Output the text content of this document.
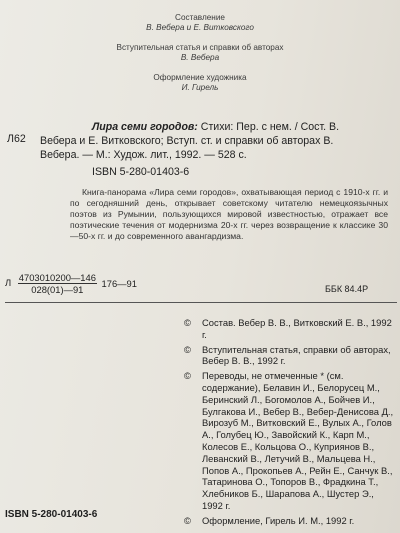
Составление
В. Вебера и Е. Витковского
Вступительная статья и справки об авторах
В. Вебера
Оформление художника
И. Гирель
Л62
Лира семи городов: Стихи: Пер. с нем. / Сост. В. Вебера и Е. Витковского; Вступ. ст. и справки об авторах В. Вебера. — М.: Худож. лит., 1992. — 528 с.
ISBN 5-280-01403-6
Книга-панорама «Лира семи городов», охватывающая период с 1910-х гг. и по сегодняшний день, открывает советскому читателю немецкоязычных поэтов из Румынии, пользующихся мировой известностью, отражает все поэтические течения от модернизма 20-х гг. через возвращение к классике 30—50-х гг. и до современного авангардизма.
Л $\frac{4703010200—146}{028(01)—91}$ 176—91	ББК 84.4Р
© Состав. Вебер В. В., Витковский Е. В., 1992 г.
© Вступительная статья, справки об авторах, Вебер В. В., 1992 г.
© Переводы, не отмеченные * (см. содержание), Белавин И., Белорусец М., Беринский Л., Богомолов А., Бойчев И., Булгакова И., Вебер В., Вебер-Денисова Д., Вирозуб М., Витковский Е., Вулых А., Голов А., Голубец Ю., Завойский К., Карп М., Колесов Е., Кольцова О., Куприянов В., Леванский В., Летучий В., Мальцева Н., Попов А., Прокопьев А., Рейн Е., Санчук В., Татаринова О., Топоров В., Фрадкина Т., Хлебников Б., Шарапова А., Шустер Э., 1992 г.
© Оформление, Гирель И. М., 1992 г.
ISBN 5-280-01403-6
